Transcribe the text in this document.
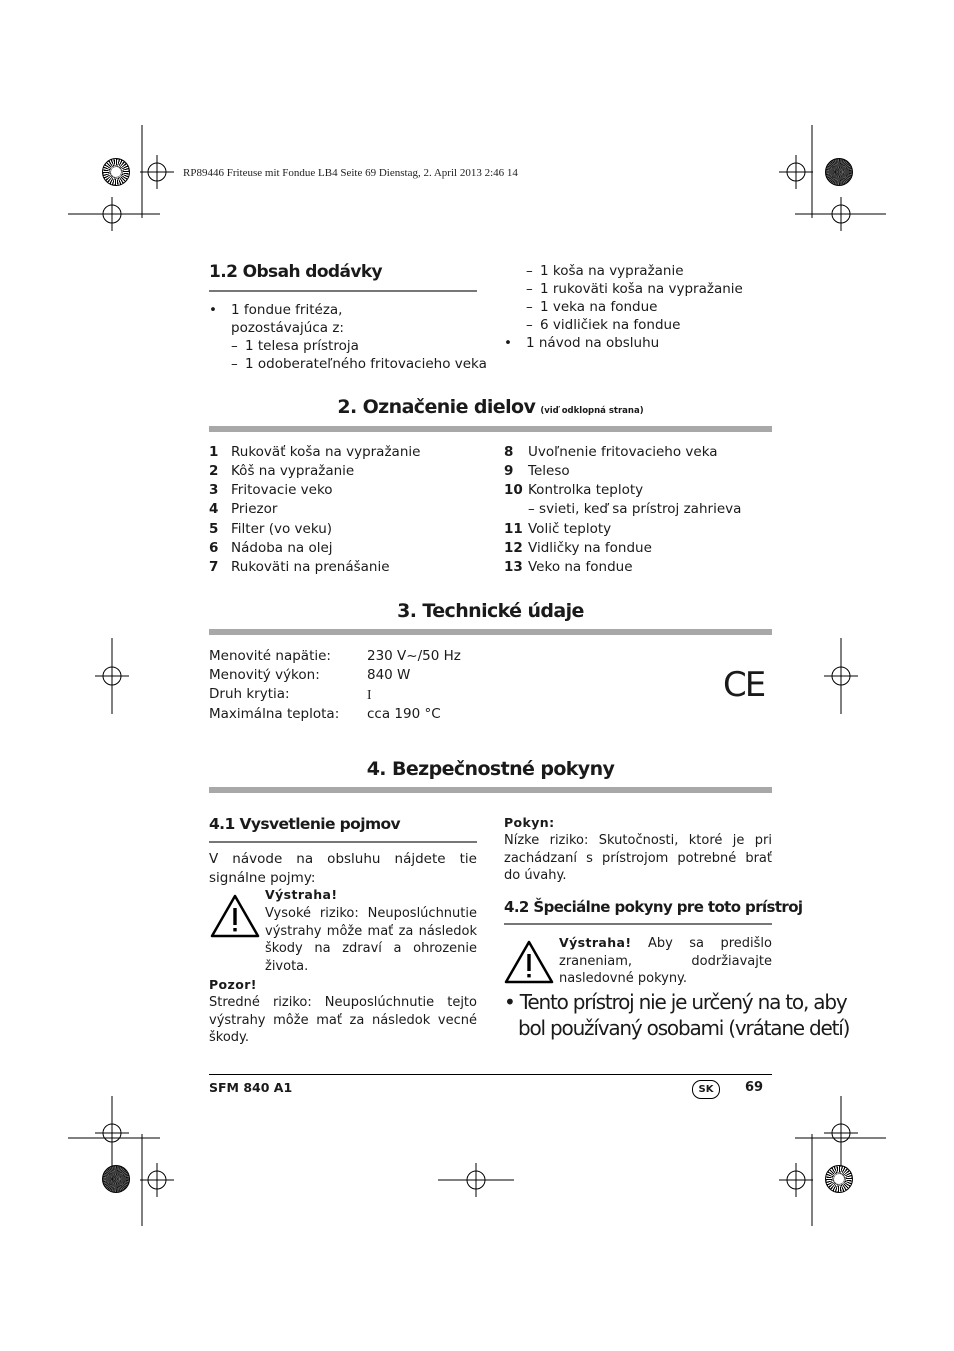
RP89446 Friteuse mit Fondue LB4 Seite 69 Dienstag, 2. April 2013 2:46 14
1.2 Obsah dodávky
• 1 fondue fritéza,
pozostávajúca z:
– 1 telesa prístroja
– 1 odoberateľného fritovacieho veka
– 1 koša na vypražanie
– 1 rukoväti koša na vypražanie
– 1 veka na fondue
– 6 vidličiek na fondue
• 1 návod na obsluhu
2. Označenie dielov (viď odklopná strana)
1 Rukoväť koša na vypražanie
2 Kôš na vypražanie
3 Fritovacie veko
4 Priezor
5 Filter (vo veku)
6 Nádoba na olej
7 Rukoväti na prenášanie
8 Uvoľnenie fritovacieho veka
9 Teleso
10 Kontrolka teploty
– svieti, keď sa prístroj zahrieva
11 Volič teploty
12 Vidličky na fondue
13 Veko na fondue
3. Technické údaje
Menovité napätie:	230 V~/50 Hz
Menovitý výkon:	840 W
Druh krytia:	I
Maximálna teplota: cca 190 °C
CE
4. Bezpečnostné pokyny
4.1 Vysvetlenie pojmov
V návode na obsluhu nájdete tie signálne pojmy:
Výstraha!
Vysoké riziko: Neuposlúchnutie výstrahy môže mať za následok škody na zdraví a ohrozenie života.
Pozor!
Stredné riziko: Neuposlúchnutie tejto výstrahy môže mať za následok vecné škody.
Pokyn:
Nízke riziko: Skutočnosti, ktoré je pri zachádzaní s prístrojom potrebné brať do úvahy.
4.2 Špeciálne pokyny pre toto prístroj
Výstraha! Aby sa predišlo zraneniam, dodržiavajte nasledovné pokyny.
• Tento prístroj nie je určený na to, aby
bol používaný osobami (vrátane detí)
SFM 840 A1	SK	69
